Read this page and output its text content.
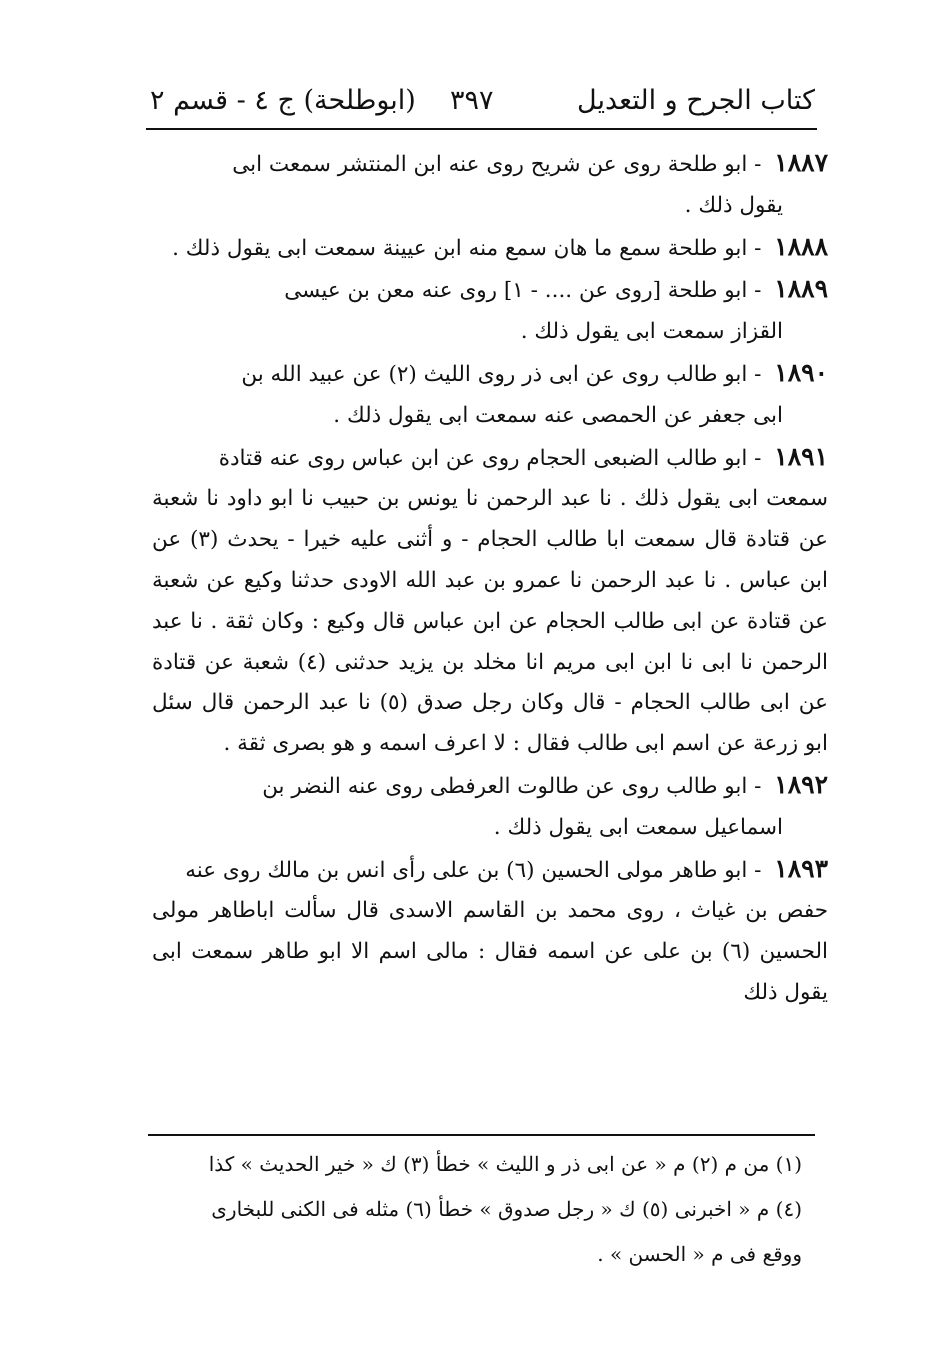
كتاب الجرح و التعديل
٣٩٧
(ابوطلحة) ج ٤ - قسم ٢

١٨٨٧ - ابو طلحة روى عن شريح روى عنه ابن المنتشر سمعت ابى
يقول ذلك .

١٨٨٨ - ابو طلحة سمع ما هان سمع منه ابن عيينة سمعت ابى يقول ذلك .

١٨٨٩ - ابو طلحة [روى عن .... - ١] روى عنه معن بن عيسى
القزاز سمعت ابى يقول ذلك .

١٨٩٠ - ابو طالب روى عن ابى ذر روى الليث (٢) عن عبيد الله بن
ابى جعفر عن الحمصى عنه سمعت ابى يقول ذلك .

١٨٩١ - ابو طالب الضبعى الحجام روى عن ابن عباس روى عنه قتادة
سمعت ابى يقول ذلك . نا عبد الرحمن نا يونس بن حبيب نا ابو داود نا شعبة عن قتادة قال سمعت ابا طالب الحجام - و أثنى عليه خيرا - يحدث (٣) عن ابن عباس . نا عبد الرحمن نا عمرو بن عبد الله الاودى حدثنا وكيع عن شعبة عن قتادة عن ابى طالب الحجام عن ابن عباس قال وكيع : وكان ثقة . نا عبد الرحمن نا ابى نا ابن ابى مريم انا مخلد بن يزيد حدثنى (٤) شعبة عن قتادة عن ابى طالب الحجام - قال وكان رجل صدق (٥) نا عبد الرحمن قال سئل ابو زرعة عن اسم ابى طالب فقال : لا اعرف اسمه و هو بصرى ثقة .

١٨٩٢ - ابو طالب روى عن طالوت العرفطى روى عنه النضر بن
اسماعيل سمعت ابى يقول ذلك .

١٨٩٣ - ابو طاهر مولى الحسين (٦) بن على رأى انس بن مالك روى عنه
حفص بن غياث ، روى محمد بن القاسم الاسدى قال سألت اباطاهر مولى الحسين (٦) بن على عن اسمه فقال : مالى اسم الا ابو طاهر سمعت ابى يقول ذلك

(١) من م (٢) م « عن ابى ذر و الليث » خطأ (٣) ك « خير الحديث » كذا
(٤) م « اخبرنى (٥) ك « رجل صدوق » خطأ (٦) مثله فى الكنى للبخارى
ووقع فى م « الحسن » .
